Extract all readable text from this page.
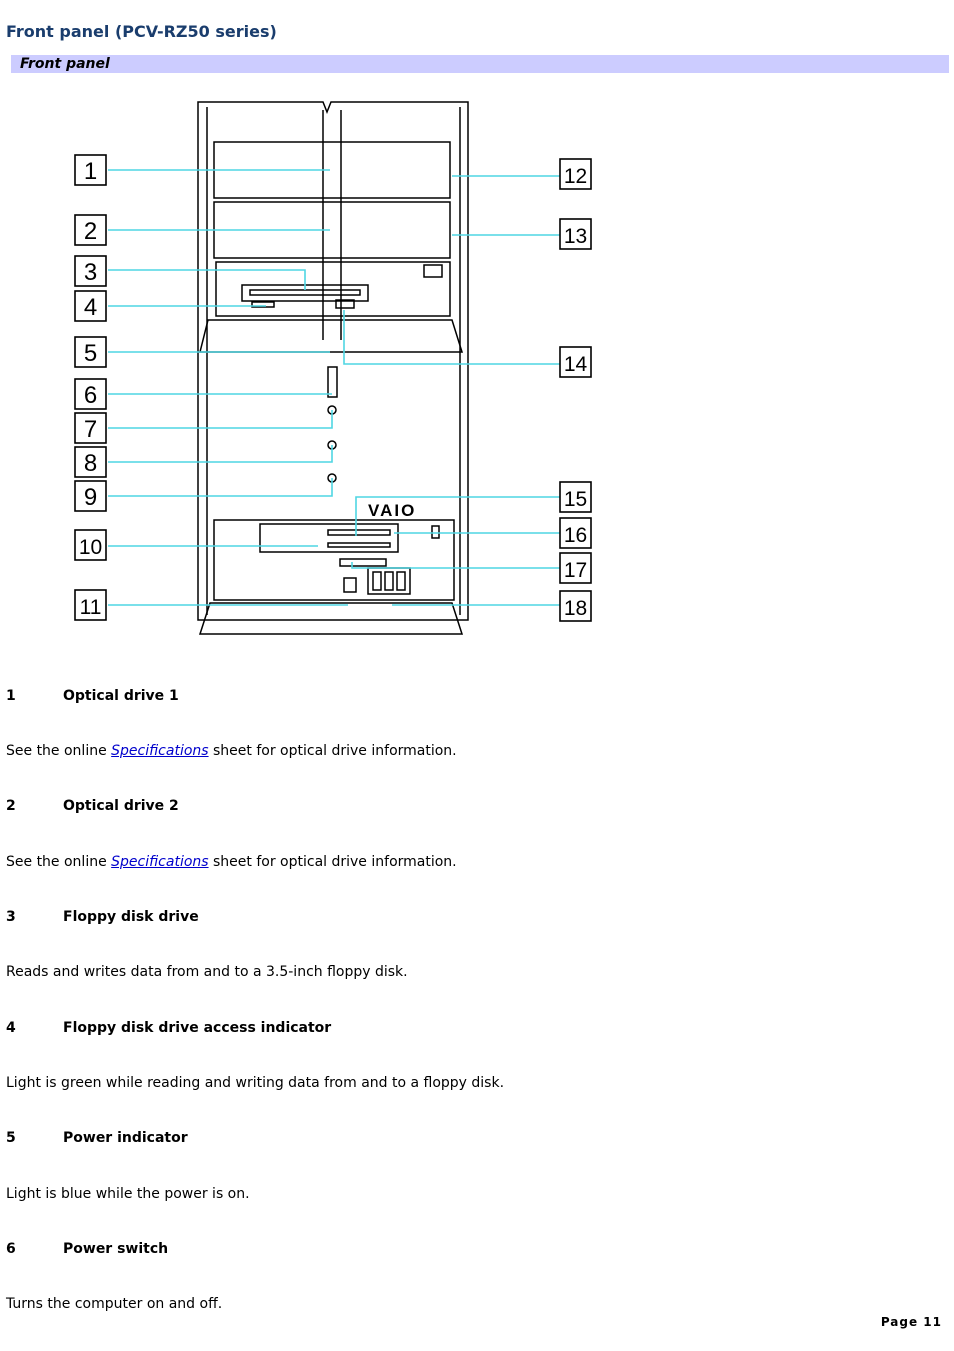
Front panel (PCV-RZ50 series)
Front panel
VAIO
1
2
3
4
5
6
7
8
9
10
11
12
13
14
15
16
17
18
1	Optical drive 1
See the online Specifications sheet for optical drive information.
2	Optical drive 2
See the online Specifications sheet for optical drive information.
3	Floppy disk drive
Reads and writes data from and to a 3.5-inch floppy disk.
4	Floppy disk drive access indicator
Light is green while reading and writing data from and to a floppy disk.
5	Power indicator
Light is blue while the power is on.
6	Power switch
Turns the computer on and off.
Page 11
